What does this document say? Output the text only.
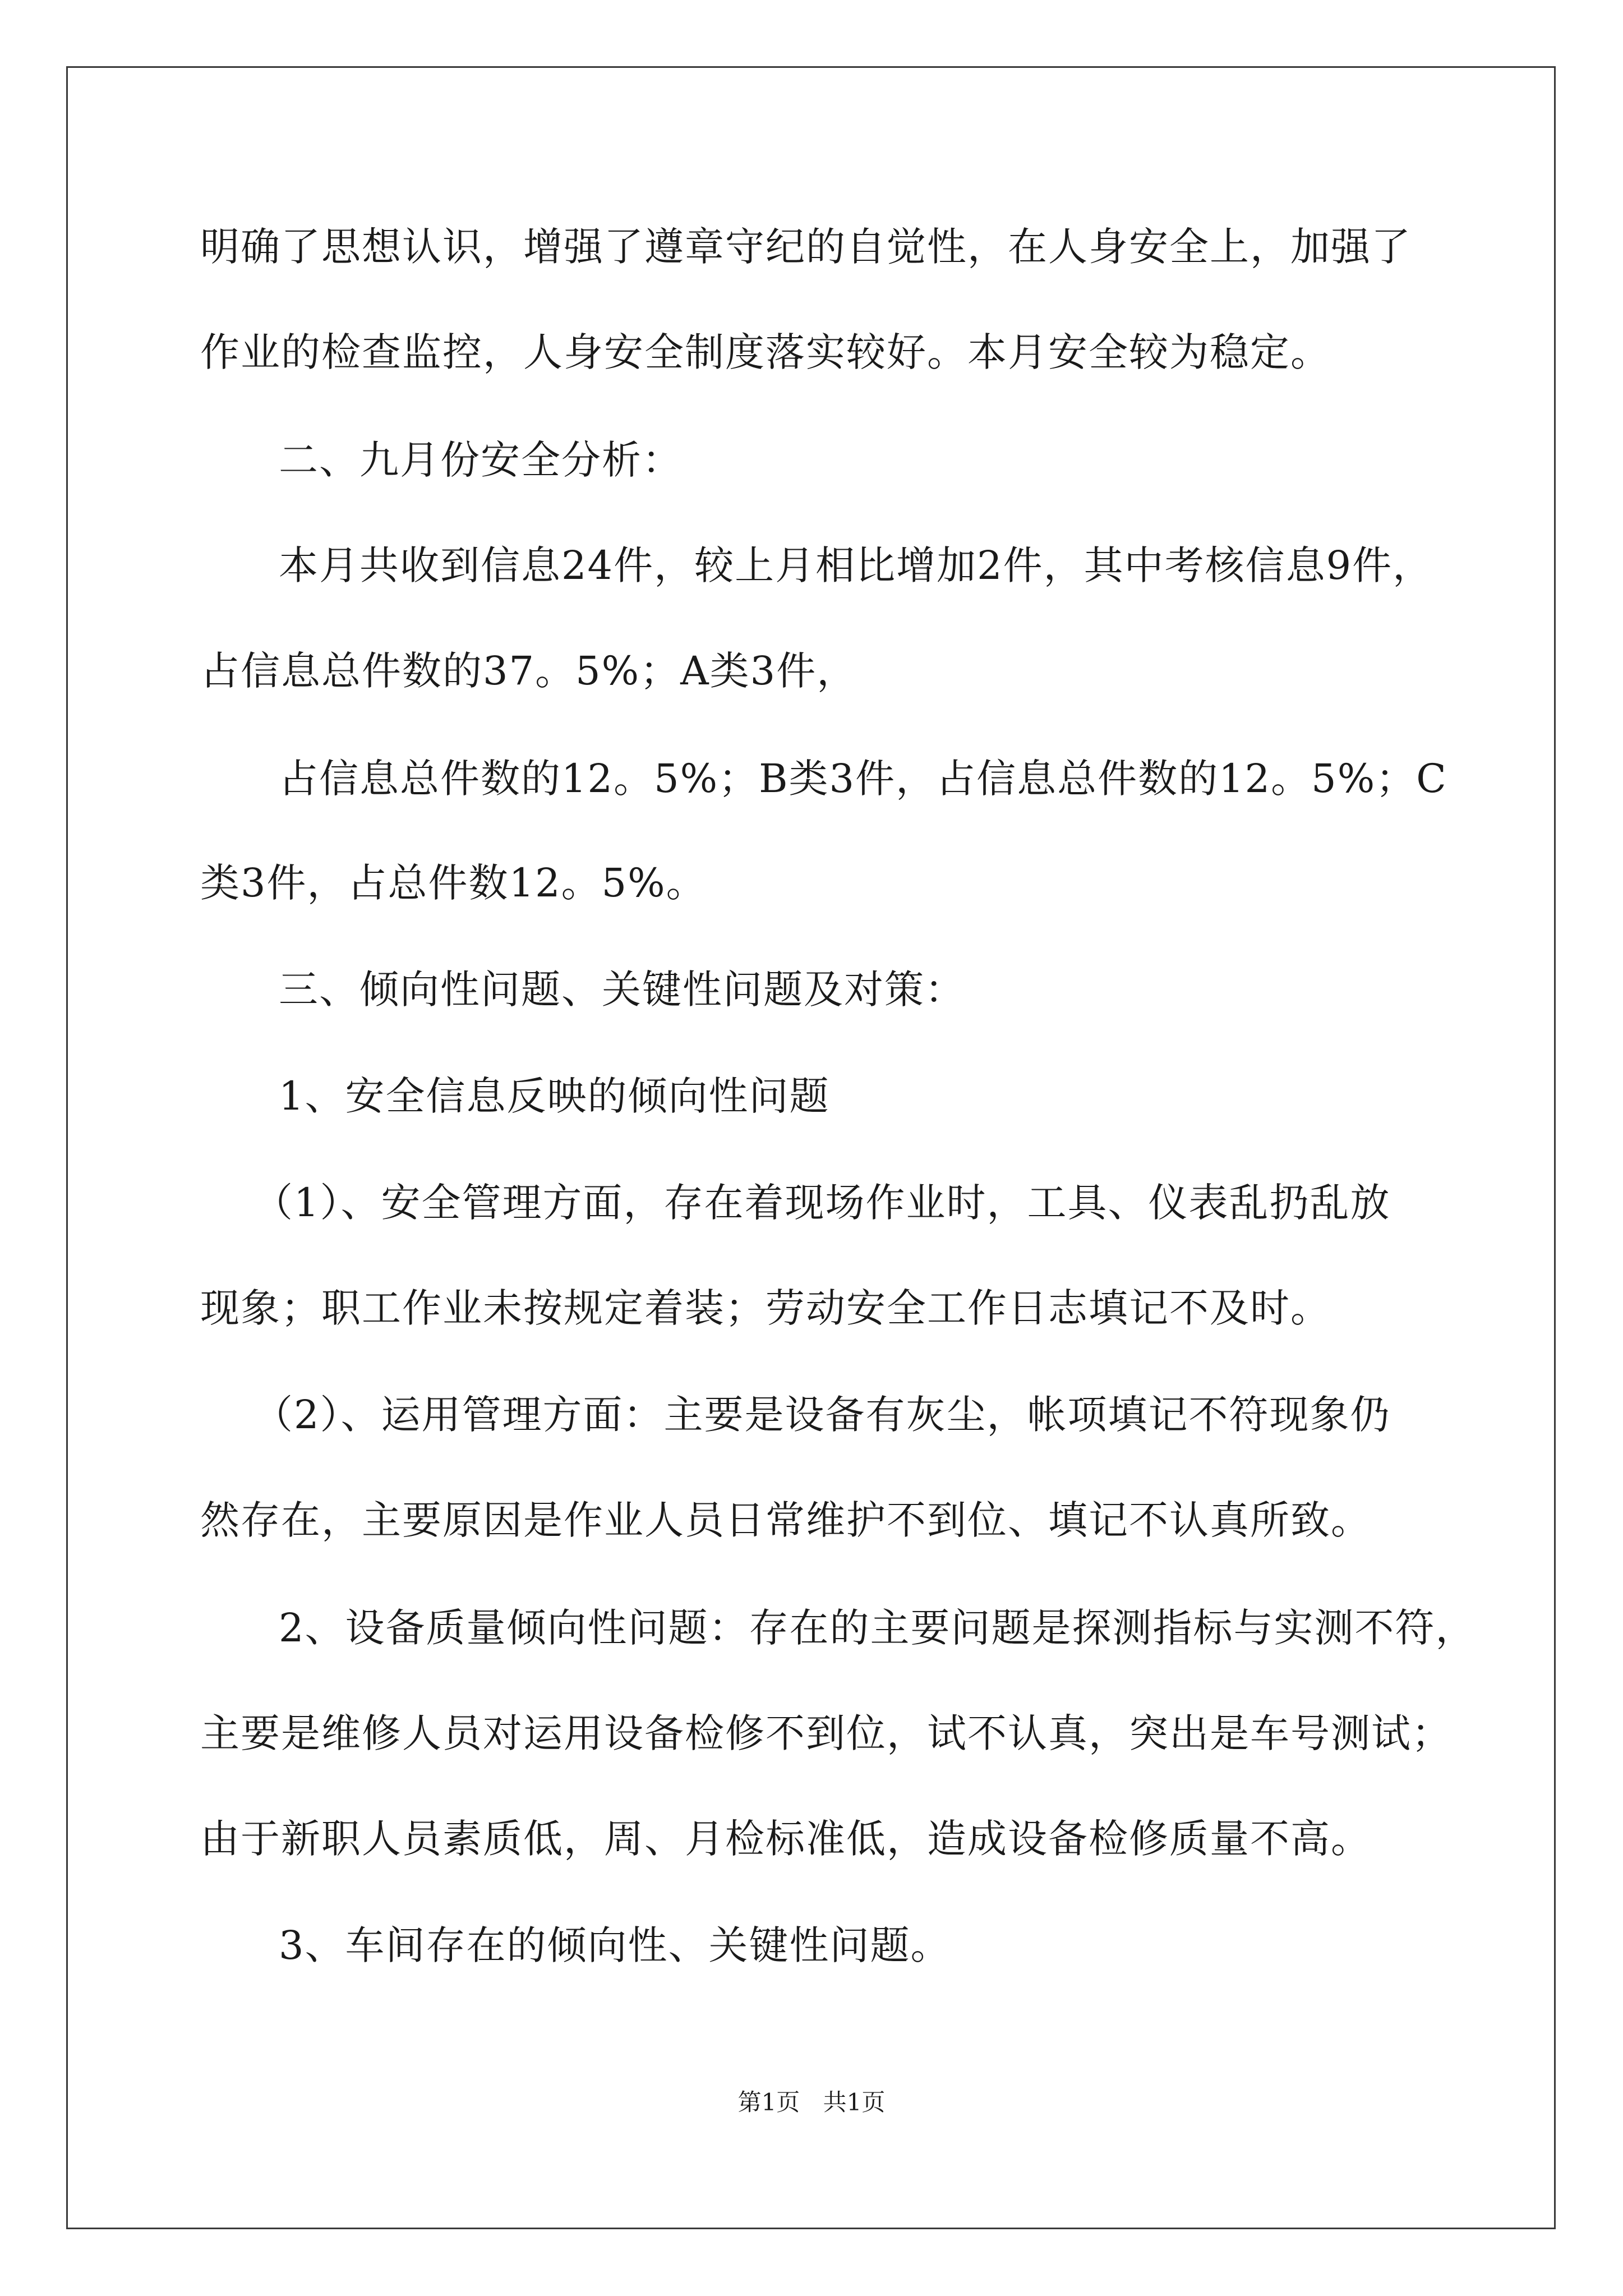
明确了思想认识，增强了遵章守纪的自觉性，在人身安全上，加强了

作业的检查监控，人身安全制度落实较好。本月安全较为稳定。

二、九月份安全分析：

本月共收到信息24件，较上月相比增加2件，其中考核信息9件，

占信息总件数的37。5%；A类3件，

占信息总件数的12。5%；B类3件，占信息总件数的12。5%；C

类3件，占总件数12。5%。

三、倾向性问题、关键性问题及对策：

1、安全信息反映的倾向性问题

（1）、安全管理方面，存在着现场作业时，工具、仪表乱扔乱放

现象；职工作业未按规定着装；劳动安全工作日志填记不及时。

（2）、运用管理方面：主要是设备有灰尘，帐项填记不符现象仍

然存在，主要原因是作业人员日常维护不到位、填记不认真所致。

2、设备质量倾向性问题：存在的主要问题是探测指标与实测不符，

主要是维修人员对运用设备检修不到位，试不认真，突出是车号测试；

由于新职人员素质低，周、月检标准低，造成设备检修质量不高。

3、车间存在的倾向性、关键性问题。

第1页 共1页
